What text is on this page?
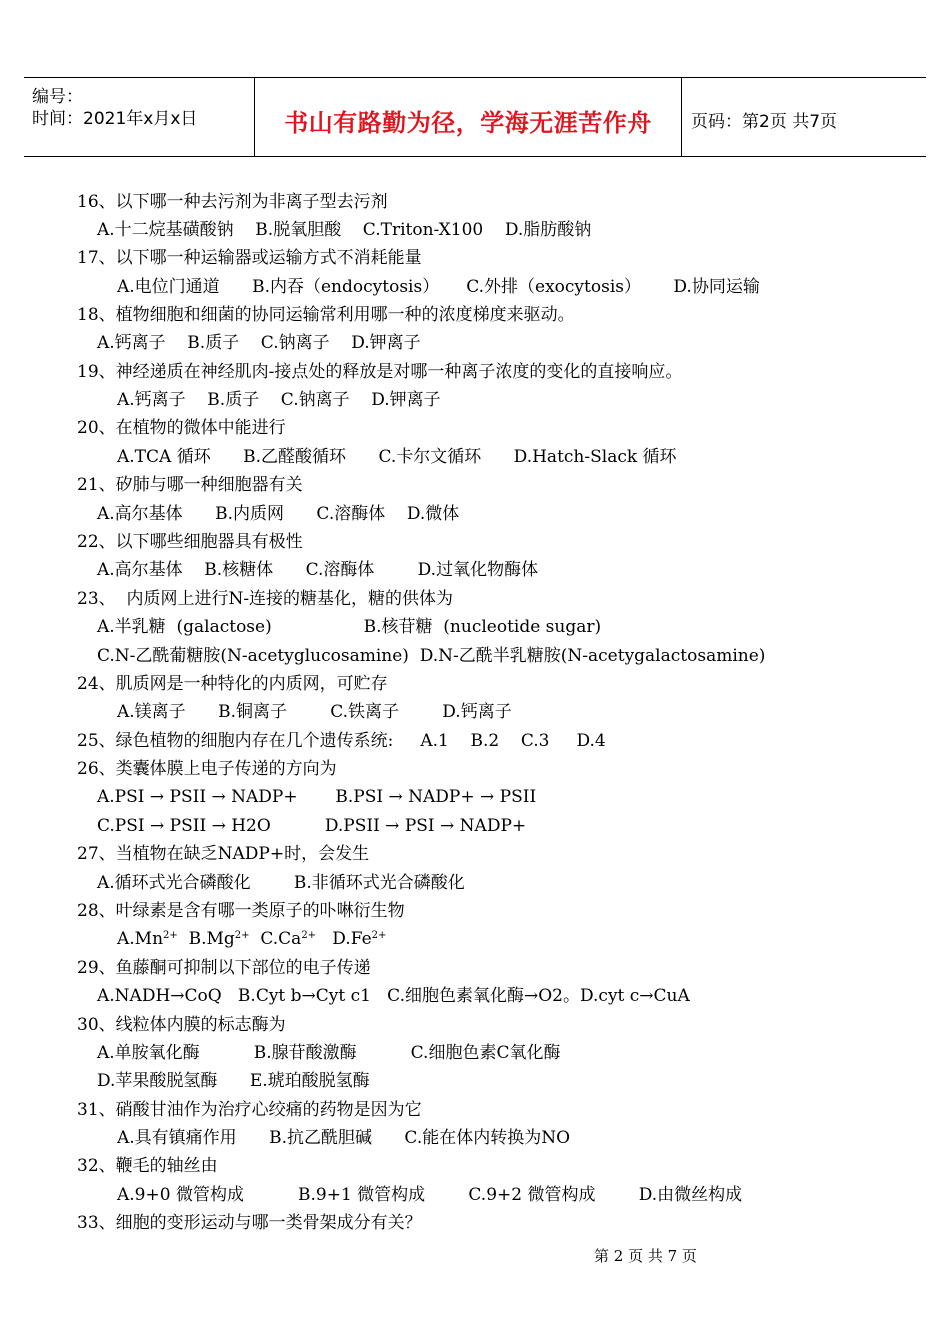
编号：
时间：2021年x月x日	书山有路勤为径，学海无涯苦作舟	页码：第2页 共7页
16、以下哪一种去污剂为非离子型去污剂
A.十二烷基磺酸钠    B.脱氧胆酸    C.Triton-X100    D.脂肪酸钠
17、以下哪一种运输器或运输方式不消耗能量
A.电位门通道      B.内吞（endocytosis）     C.外排（exocytosis）      D.协同运输
18、植物细胞和细菌的协同运输常利用哪一种的浓度梯度来驱动。
A.钙离子    B.质子    C.钠离子    D.钾离子
19、神经递质在神经肌肉-接点处的释放是对哪一种离子浓度的变化的直接响应。
A.钙离子    B.质子    C.钠离子    D.钾离子
20、在植物的微体中能进行
A.TCA 循环      B.乙醛酸循环      C.卡尔文循环      D.Hatch-Slack 循环
21、矽肺与哪一种细胞器有关
A.高尔基体      B.内质网      C.溶酶体    D.微体
22、以下哪些细胞器具有极性
A.高尔基体    B.核糖体      C.溶酶体        D.过氧化物酶体
23、  内质网上进行N-连接的糖基化，糖的供体为
A.半乳糖  (galactose)                 B.核苷糖  (nucleotide sugar)
C.N-乙酰葡糖胺(N-acetyglucosamine)  D.N-乙酰半乳糖胺(N-acetygalactosamine)
24、肌质网是一种特化的内质网，可贮存
A.镁离子      B.铜离子        C.铁离子        D.钙离子
25、绿色植物的细胞内存在几个遗传系统:     A.1    B.2    C.3     D.4
26、类囊体膜上电子传递的方向为
A.PSI → PSII → NADP+       B.PSI → NADP+ → PSII
C.PSI → PSII → H2O          D.PSII → PSI → NADP+
27、当植物在缺乏NADP+时，会发生
A.循环式光合磷酸化        B.非循环式光合磷酸化
28、叶绿素是含有哪一类原子的卟啉衍生物
$A.Mn^{2+}$ $B.Mg^{2+}$ $C.Ca^{2+}$ $D.Fe^{2+}$
29、鱼藤酮可抑制以下部位的电子传递
A.NADH→CoQ   B.Cyt b→Cyt c1   C.细胞色素氧化酶→O2。D.cyt c→CuA
30、线粒体内膜的标志酶为
A.单胺氧化酶          B.腺苷酸激酶          C.细胞色素C氧化酶
D.苹果酸脱氢酶      E.琥珀酸脱氢酶
31、硝酸甘油作为治疗心绞痛的药物是因为它
A.具有镇痛作用      B.抗乙酰胆碱      C.能在体内转换为NO
32、鞭毛的轴丝由
A.9+0 微管构成          B.9+1 微管构成        C.9+2 微管构成        D.由微丝构成
33、细胞的变形运动与哪一类骨架成分有关？
第 2 页 共 7 页
